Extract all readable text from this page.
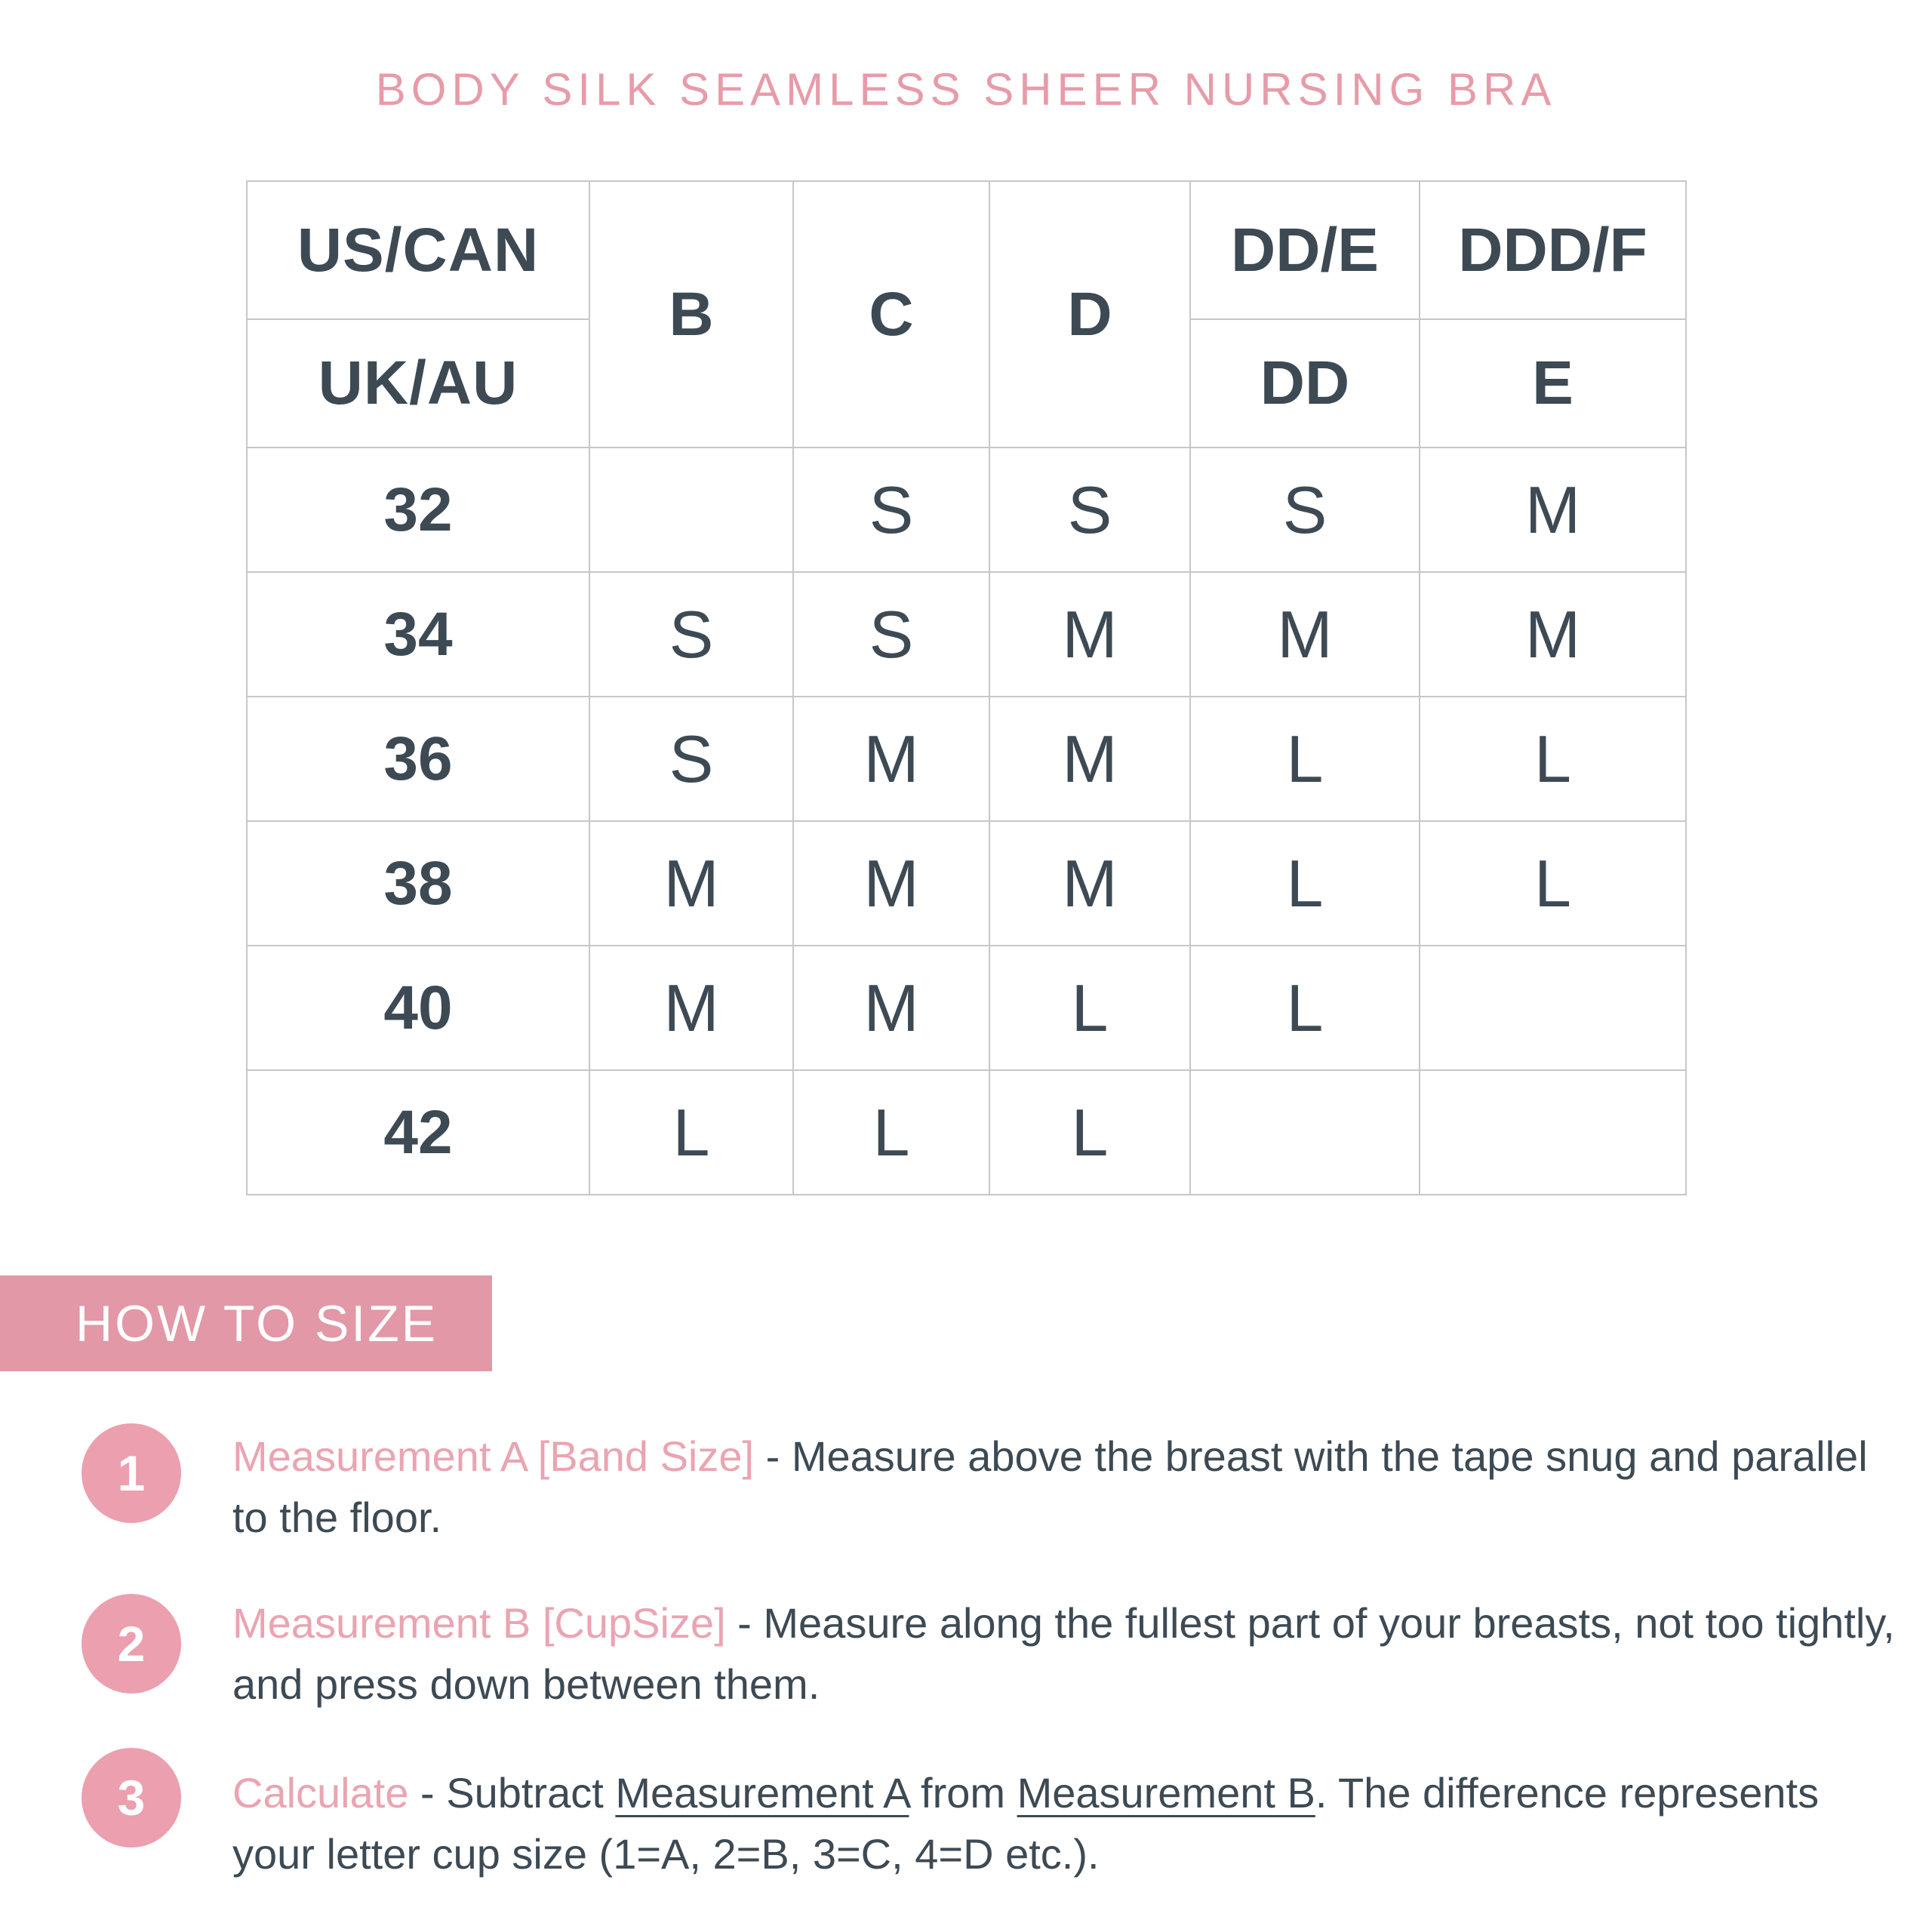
BODY SILK SEAMLESS SHEER NURSING BRA
US/CAN	B	C	D	DD/E	DDD/F
UK/AU				DD	E
32		S	S	S	M
34	S	S	M	M	M
36	S	M	M	L	L
38	M	M	M	L	L
40	M	M	L	L	
42	L	L	L		
HOW TO SIZE
1 Measurement A [Band Size] - Measure above the breast with the tape snug and parallel to the floor.

2 Measurement B [CupSize] - Measure along the fullest part of your breasts, not too tightly, and press down between them.

3 Calculate - Subtract Measurement A from Measurement B. The difference represents your letter cup size (1=A, 2=B, 3=C, 4=D etc.).
